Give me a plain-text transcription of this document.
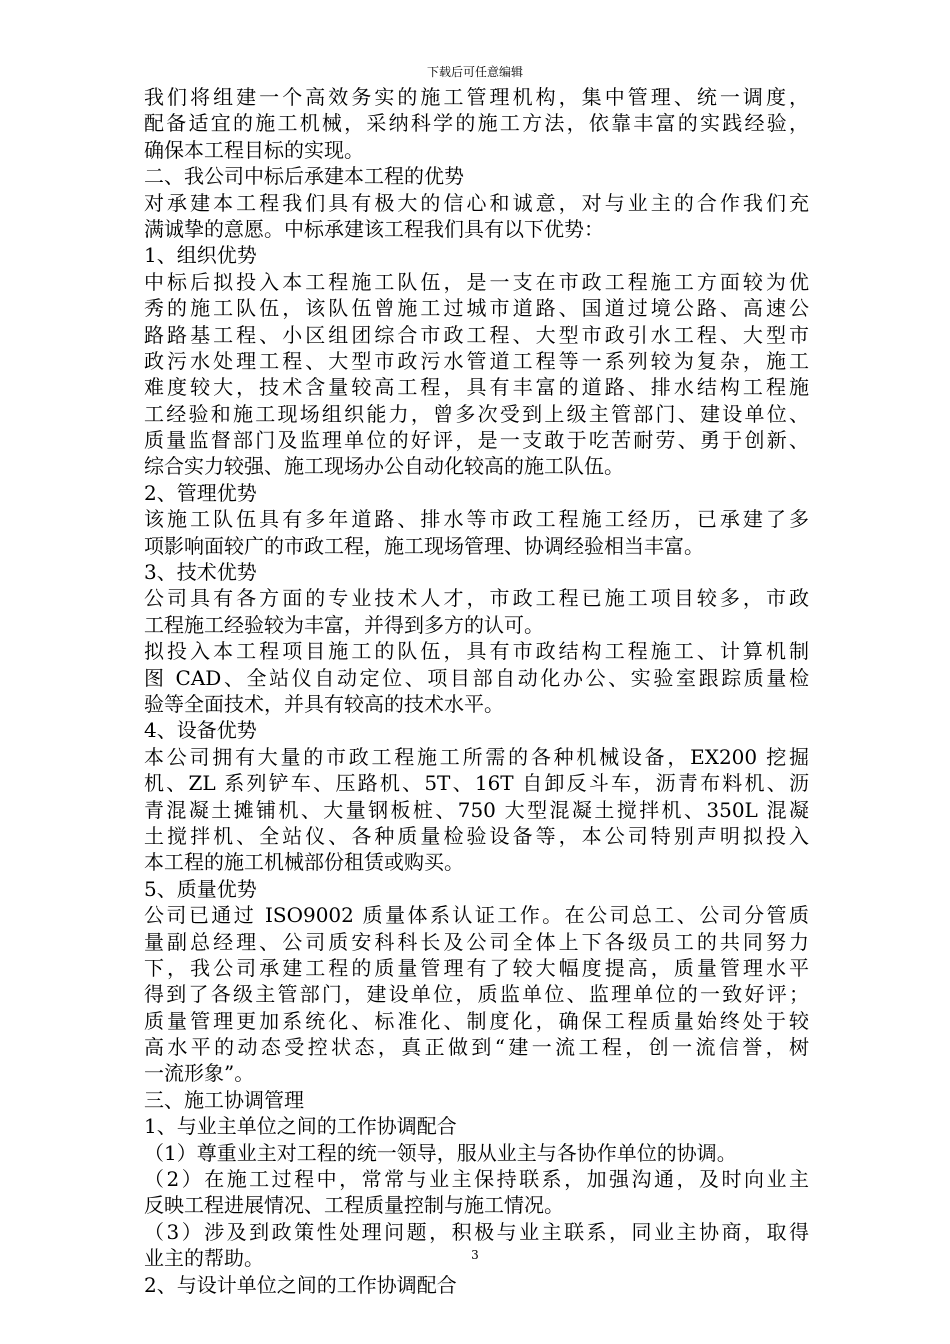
下载后可任意编辑
我们将组建一个高效务实的施工管理机构，集中管理、统一调度，
配备适宜的施工机械，采纳科学的施工方法，依靠丰富的实践经验，
确保本工程目标的实现。
二、我公司中标后承建本工程的优势
对承建本工程我们具有极大的信心和诚意，对与业主的合作我们充
满诚挚的意愿。中标承建该工程我们具有以下优势：
1、组织优势
中标后拟投入本工程施工队伍，是一支在市政工程施工方面较为优
秀的施工队伍，该队伍曾施工过城市道路、国道过境公路、高速公
路路基工程、小区组团综合市政工程、大型市政引水工程、大型市
政污水处理工程、大型市政污水管道工程等一系列较为复杂，施工
难度较大，技术含量较高工程，具有丰富的道路、排水结构工程施
工经验和施工现场组织能力，曾多次受到上级主管部门、建设单位、
质量监督部门及监理单位的好评，是一支敢于吃苦耐劳、勇于创新、
综合实力较强、施工现场办公自动化较高的施工队伍。
2、管理优势
该施工队伍具有多年道路、排水等市政工程施工经历，已承建了多
项影响面较广的市政工程，施工现场管理、协调经验相当丰富。
3、技术优势
公司具有各方面的专业技术人才，市政工程已施工项目较多，市政
工程施工经验较为丰富，并得到多方的认可。
拟投入本工程项目施工的队伍，具有市政结构工程施工、计算机制
图 CAD、全站仪自动定位、项目部自动化办公、实验室跟踪质量检
验等全面技术，并具有较高的技术水平。
4、设备优势
本公司拥有大量的市政工程施工所需的各种机械设备，EX200 挖掘
机、ZL 系列铲车、压路机、5T、16T 自卸反斗车，沥青布料机、沥
青混凝土摊铺机、大量钢板桩、750 大型混凝土搅拌机、350L 混凝
土搅拌机、全站仪、各种质量检验设备等，本公司特别声明拟投入
本工程的施工机械部份租赁或购买。
5、质量优势
公司已通过 ISO9002 质量体系认证工作。在公司总工、公司分管质
量副总经理、公司质安科科长及公司全体上下各级员工的共同努力
下，我公司承建工程的质量管理有了较大幅度提高，质量管理水平
得到了各级主管部门，建设单位，质监单位、监理单位的一致好评；
质量管理更加系统化、标准化、制度化，确保工程质量始终处于较
高水平的动态受控状态，真正做到“建一流工程，创一流信誉，树
一流形象”。
三、施工协调管理
1、与业主单位之间的工作协调配合
（1）尊重业主对工程的统一领导，服从业主与各协作单位的协调。
（2）在施工过程中，常常与业主保持联系，加强沟通，及时向业主
反映工程进展情况、工程质量控制与施工情况。
（3）涉及到政策性处理问题，积极与业主联系，同业主协商，取得
业主的帮助。
2、与设计单位之间的工作协调配合
3
